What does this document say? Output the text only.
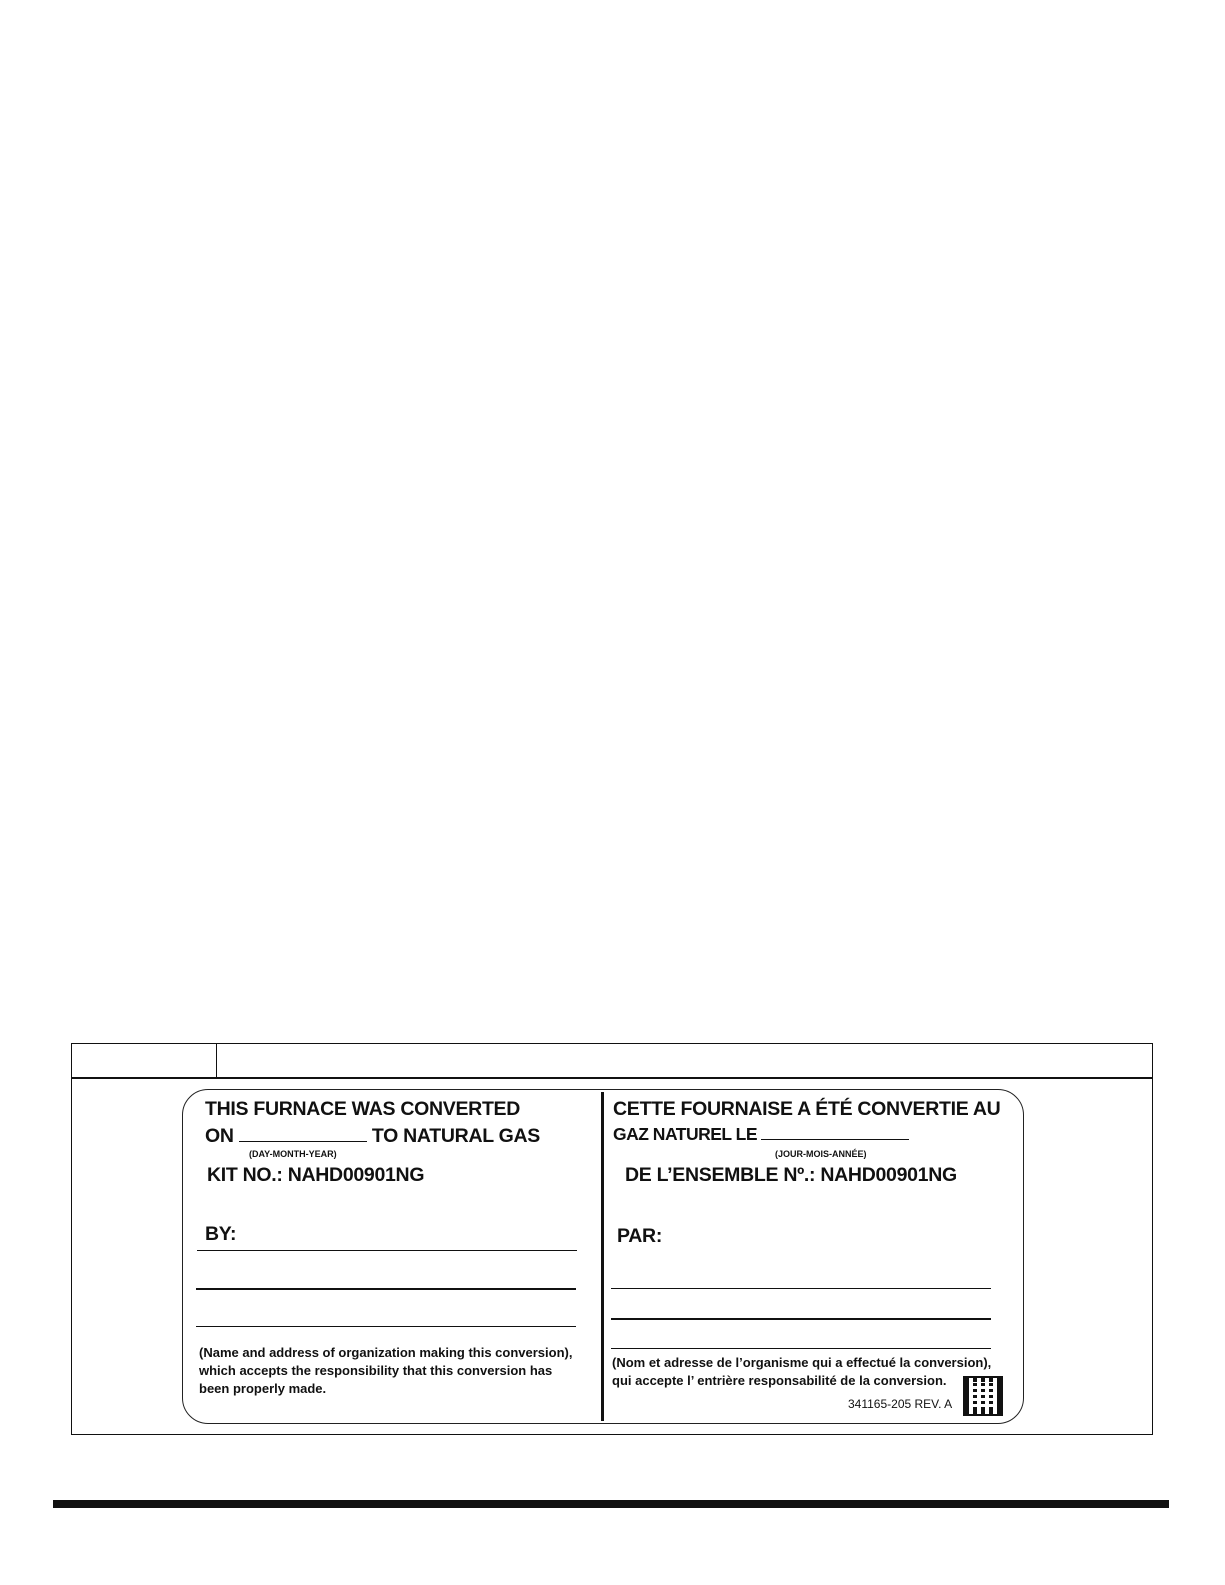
THIS FURNACE WAS CONVERTED

ON	TO NATURAL GAS

(DAY-MONTH-YEAR)

KIT NO.: NAHD00901NG

BY:

(Name and address of organization making this conversion),

which accepts the responsibility that this conversion has

been properly made.

CETTE FOURNAISE A ÉTÉ CONVERTIE AU

GAZ NATUREL LE

(JOUR-MOIS-ANNÉE)

DE L’ENSEMBLE Nº.: NAHD00901NG

PAR:

(Nom et adresse de l’organisme qui a effectué la conversion),

qui accepte l’ entrière responsabilité de la conversion.

341165-205 REV. A
